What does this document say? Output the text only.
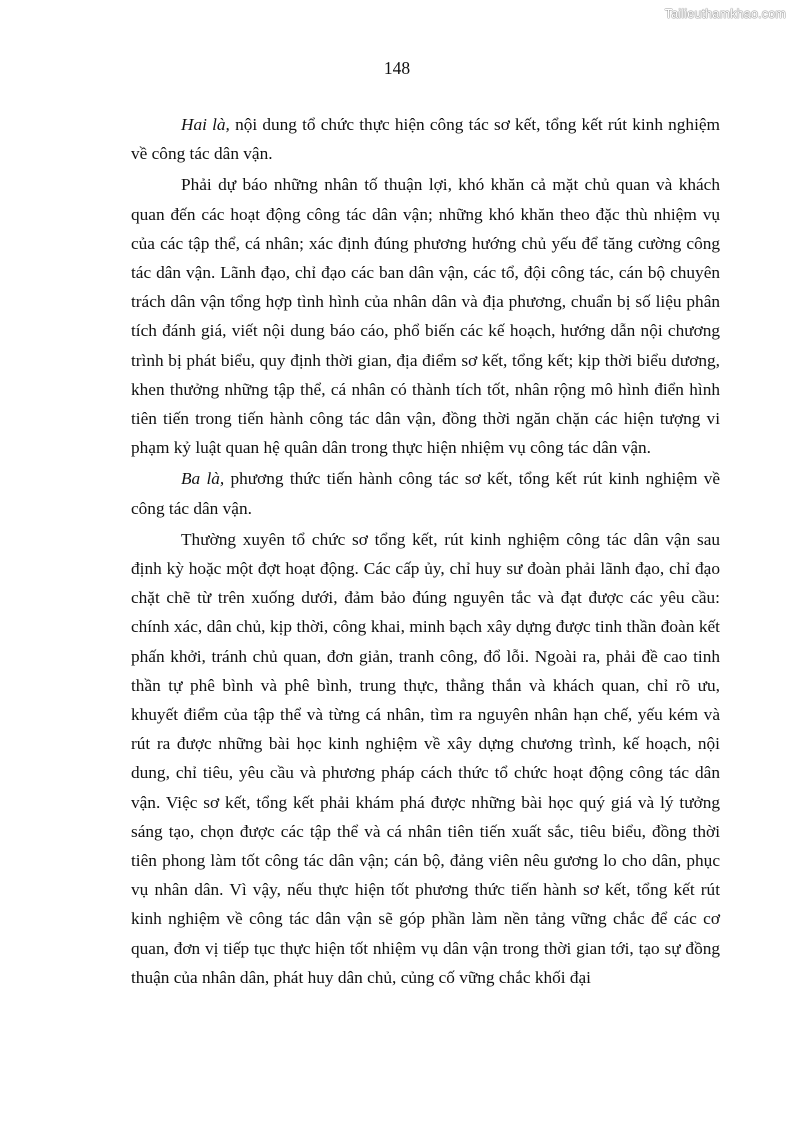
Tailieuthamkhao.com
148

Hai là, nội dung tổ chức thực hiện công tác sơ kết, tổng kết rút kinh nghiệm về công tác dân vận.

Phải dự báo những nhân tố thuận lợi, khó khăn cả mặt chủ quan và khách quan đến các hoạt động công tác dân vận; những khó khăn theo đặc thù nhiệm vụ của các tập thể, cá nhân; xác định đúng phương hướng chủ yếu để tăng cường công tác dân vận. Lãnh đạo, chỉ đạo các ban dân vận, các tổ, đội công tác, cán bộ chuyên trách dân vận tổng hợp tình hình của nhân dân và địa phương, chuẩn bị số liệu phân tích đánh giá, viết nội dung báo cáo, phổ biến các kế hoạch, hướng dẫn nội chương trình bị phát biểu, quy định thời gian, địa điểm sơ kết, tổng kết; kịp thời biểu dương, khen thưởng những tập thể, cá nhân có thành tích tốt, nhân rộng mô hình điển hình tiên tiến trong tiến hành công tác dân vận, đồng thời ngăn chặn các hiện tượng vi phạm kỷ luật quan hệ quân dân trong thực hiện nhiệm vụ công tác dân vận.

Ba là, phương thức tiến hành công tác sơ kết, tổng kết rút kinh nghiệm về công tác dân vận.

Thường xuyên tổ chức sơ tổng kết, rút kinh nghiệm công tác dân vận sau định kỳ hoặc một đợt hoạt động. Các cấp ủy, chỉ huy sư đoàn phải lãnh đạo, chỉ đạo chặt chẽ từ trên xuống dưới, đảm bảo đúng nguyên tắc và đạt được các yêu cầu: chính xác, dân chủ, kịp thời, công khai, minh bạch xây dựng được tinh thần đoàn kết phấn khởi, tránh chủ quan, đơn giản, tranh công, đổ lỗi. Ngoài ra, phải đề cao tinh thần tự phê bình và phê bình, trung thực, thẳng thắn và khách quan, chỉ rõ ưu, khuyết điểm của tập thể và từng cá nhân, tìm ra nguyên nhân hạn chế, yếu kém và rút ra được những bài học kinh nghiệm về xây dựng chương trình, kế hoạch, nội dung, chỉ tiêu, yêu cầu và phương pháp cách thức tổ chức hoạt động công tác dân vận. Việc sơ kết, tổng kết phải khám phá được những bài học quý giá và lý tưởng sáng tạo, chọn được các tập thể và cá nhân tiên tiến xuất sắc, tiêu biểu, đồng thời tiên phong làm tốt công tác dân vận; cán bộ, đảng viên nêu gương lo cho dân, phục vụ nhân dân. Vì vậy, nếu thực hiện tốt phương thức tiến hành sơ kết, tổng kết rút kinh nghiệm về công tác dân vận sẽ góp phần làm nền tảng vững chắc để các cơ quan, đơn vị tiếp tục thực hiện tốt nhiệm vụ dân vận trong thời gian tới, tạo sự đồng thuận của nhân dân, phát huy dân chủ, củng cố vững chắc khối đại
